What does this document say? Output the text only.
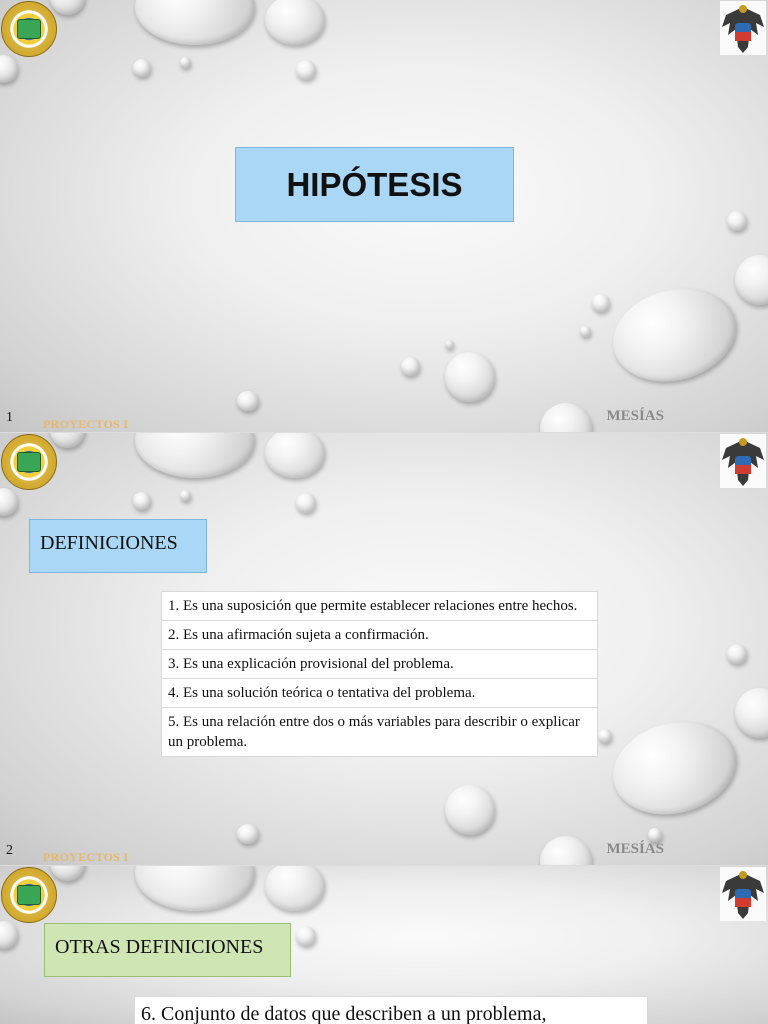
HIPÓTESIS
1	PROYECTOS I	MESÍAS
DEFINICIONES
1. Es una suposición que permite establecer relaciones entre hechos.
2. Es una afirmación sujeta a confirmación.
3. Es una explicación provisional del problema.
4. Es una solución teórica o tentativa del problema.
5. Es una relación entre dos o más variables para describir o explicar un problema.
2	PROYECTOS I	MESÍAS
OTRAS DEFINICIONES
6. Conjunto de datos que describen a un problema,
